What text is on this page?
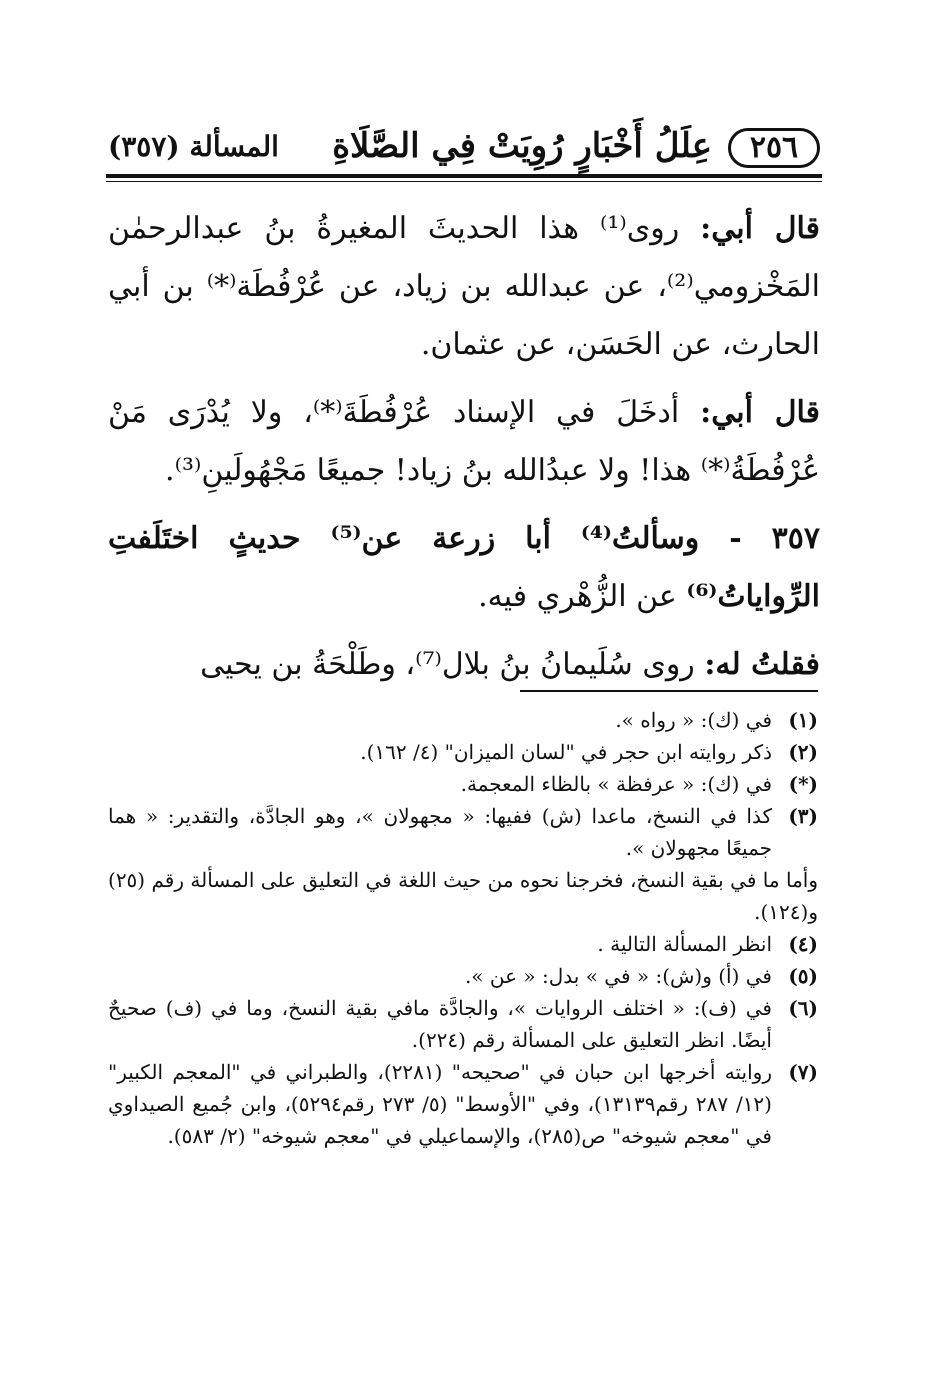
٢٥٦
عِلَلُ أَخْبَارٍ رُوِيَتْ فِي الصَّلَاةِ
المسألة (٣٥٧)

قال أبي: روى⁽¹⁾ هذا الحديثَ المغيرةُ بنُ عبدالرحمٰن المَخْزومي⁽²⁾، عن عبدالله بن زياد، عن عُرْفُطَة⁽*⁾ بن أبي الحارث، عن الحَسَن، عن عثمان.

قال أبي: أدخَلَ في الإسناد عُرْفُطَةَ⁽*⁾، ولا يُدْرَى مَنْ عُرْفُطَةُ⁽*⁾ هذا! ولا عبدُالله بنُ زياد! جميعًا مَجْهُولَينِ⁽³⁾.

٣٥٧ - وسألتُ⁽⁴⁾ أبا زرعة عن⁽⁵⁾ حديثٍ اختَلَفتِ الرِّواياتُ⁽⁶⁾ عن الزُّهْري فيه.

فقلتُ له: روى سُلَيمانُ بنُ بلال⁽⁷⁾، وطَلْحَةُ بن يحيى

(١)
في (ك): « رواه ».
(٢)
ذكر روايته ابن حجر في "لسان الميزان" (٤/ ١٦٢).
(*)
في (ك): « عرفظة » بالظاء المعجمة.
(٣)
كذا في النسخ، ماعدا (ش) ففيها: « مجهولان »، وهو الجادَّة، والتقدير: « هما جميعًا مجهولان ».
وأما ما في بقية النسخ، فخرجنا نحوه من حيث اللغة في التعليق على المسألة رقم (٢٥) و(١٢٤).
(٤)
انظر المسألة التالية .
(٥)
في (أ) و(ش): « في » بدل: « عن ».
(٦)
في (ف): « اختلف الروايات »، والجادَّة مافي بقية النسخ، وما في (ف) صحيحٌ أيضًا. انظر التعليق على المسألة رقم (٢٢٤).
(٧)
روايته أخرجها ابن حبان في "صحيحه" (٢٢٨١)، والطبراني في "المعجم الكبير" (١٢/ ٢٨٧ رقم١٣١٣٩)، وفي "الأوسط" (٥/ ٢٧٣ رقم٥٢٩٤)، وابن جُميع الصيداوي في "معجم شيوخه" ص(٢٨٥)، والإسماعيلي في "معجم شيوخه" (٢/ ٥٨٣).
